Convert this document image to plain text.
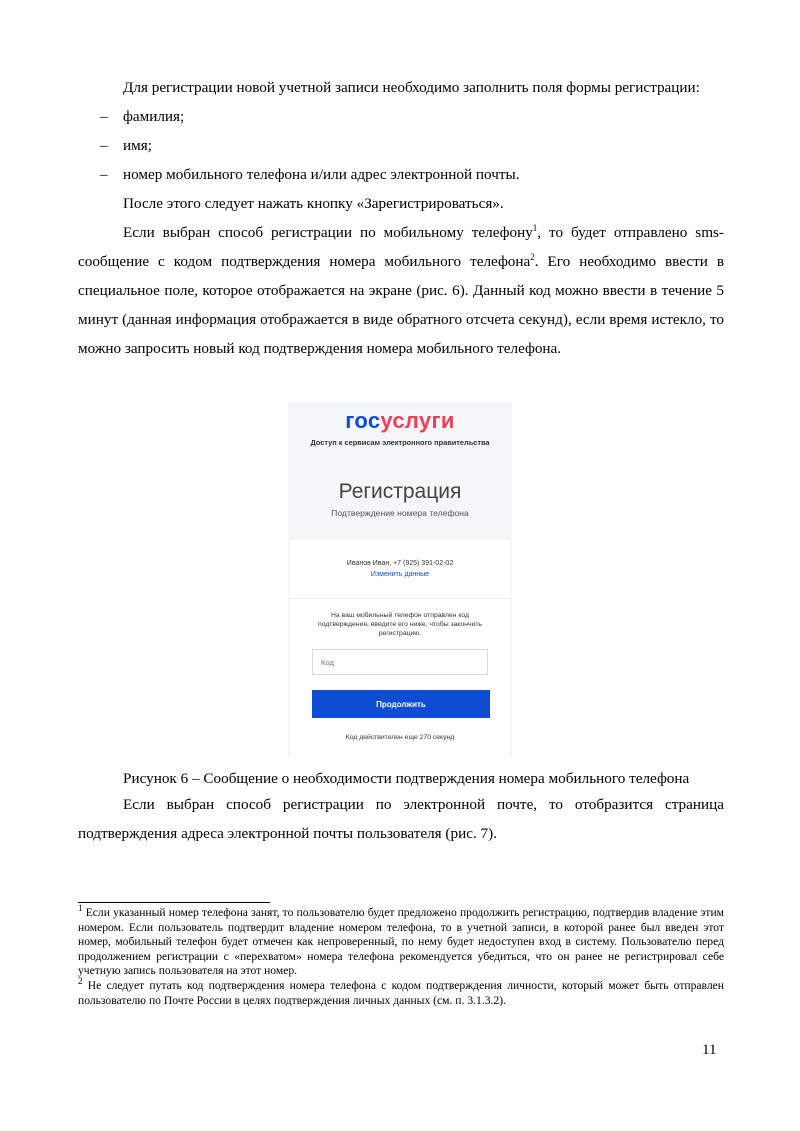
Для регистрации новой учетной записи необходимо заполнить поля формы регистрации:

– фамилия;
– имя;
– номер мобильного телефона и/или адрес электронной почты.

После этого следует нажать кнопку «Зарегистрироваться».

Если выбран способ регистрации по мобильному телефону$^1$, то будет отправлено sms-сообщение с кодом подтверждения номера мобильного телефона$^2$. Его необходимо ввести в специальное поле, которое отображается на экране (рис. 6). Данный код можно ввести в течение 5 минут (данная информация отображается в виде обратного отсчета секунд), если время истекло, то можно запросить новый код подтверждения номера мобильного телефона.

госуслуги
Доступ к сервисам электронного правительства
Регистрация
Подтверждение номера телефона
Иванов Иван, +7 (925) 391-02-02
Изменить данные
На ваш мобильный телефон отправлен код подтверждения, введите его ниже, чтобы закончить регистрацию.
Код
Продолжить
Код действителен еще 270 секунд
Рисунок 6 – Сообщение о необходимости подтверждения номера мобильного телефона

Если выбран способ регистрации по электронной почте, то отобразится страница подтверждения адреса электронной почты пользователя (рис. 7).

$^1$ Если указанный номер телефона занят, то пользователю будет предложено продолжить регистрацию, подтвердив владение этим номером. Если пользователь подтвердит владение номером телефона, то в учетной записи, в которой ранее был введен этот номер, мобильный телефон будет отмечен как непроверенный, по нему будет недоступен вход в систему. Пользователю перед продолжением регистрации с «перехватом» номера телефона рекомендуется убедиться, что он ранее не регистрировал себе учетную запись пользователя на этот номер.

$^2$ Не следует путать код подтверждения номера телефона с кодом подтверждения личности, который может быть отправлен пользователю по Почте России в целях подтверждения личных данных (см. п. 3.1.3.2).

11
